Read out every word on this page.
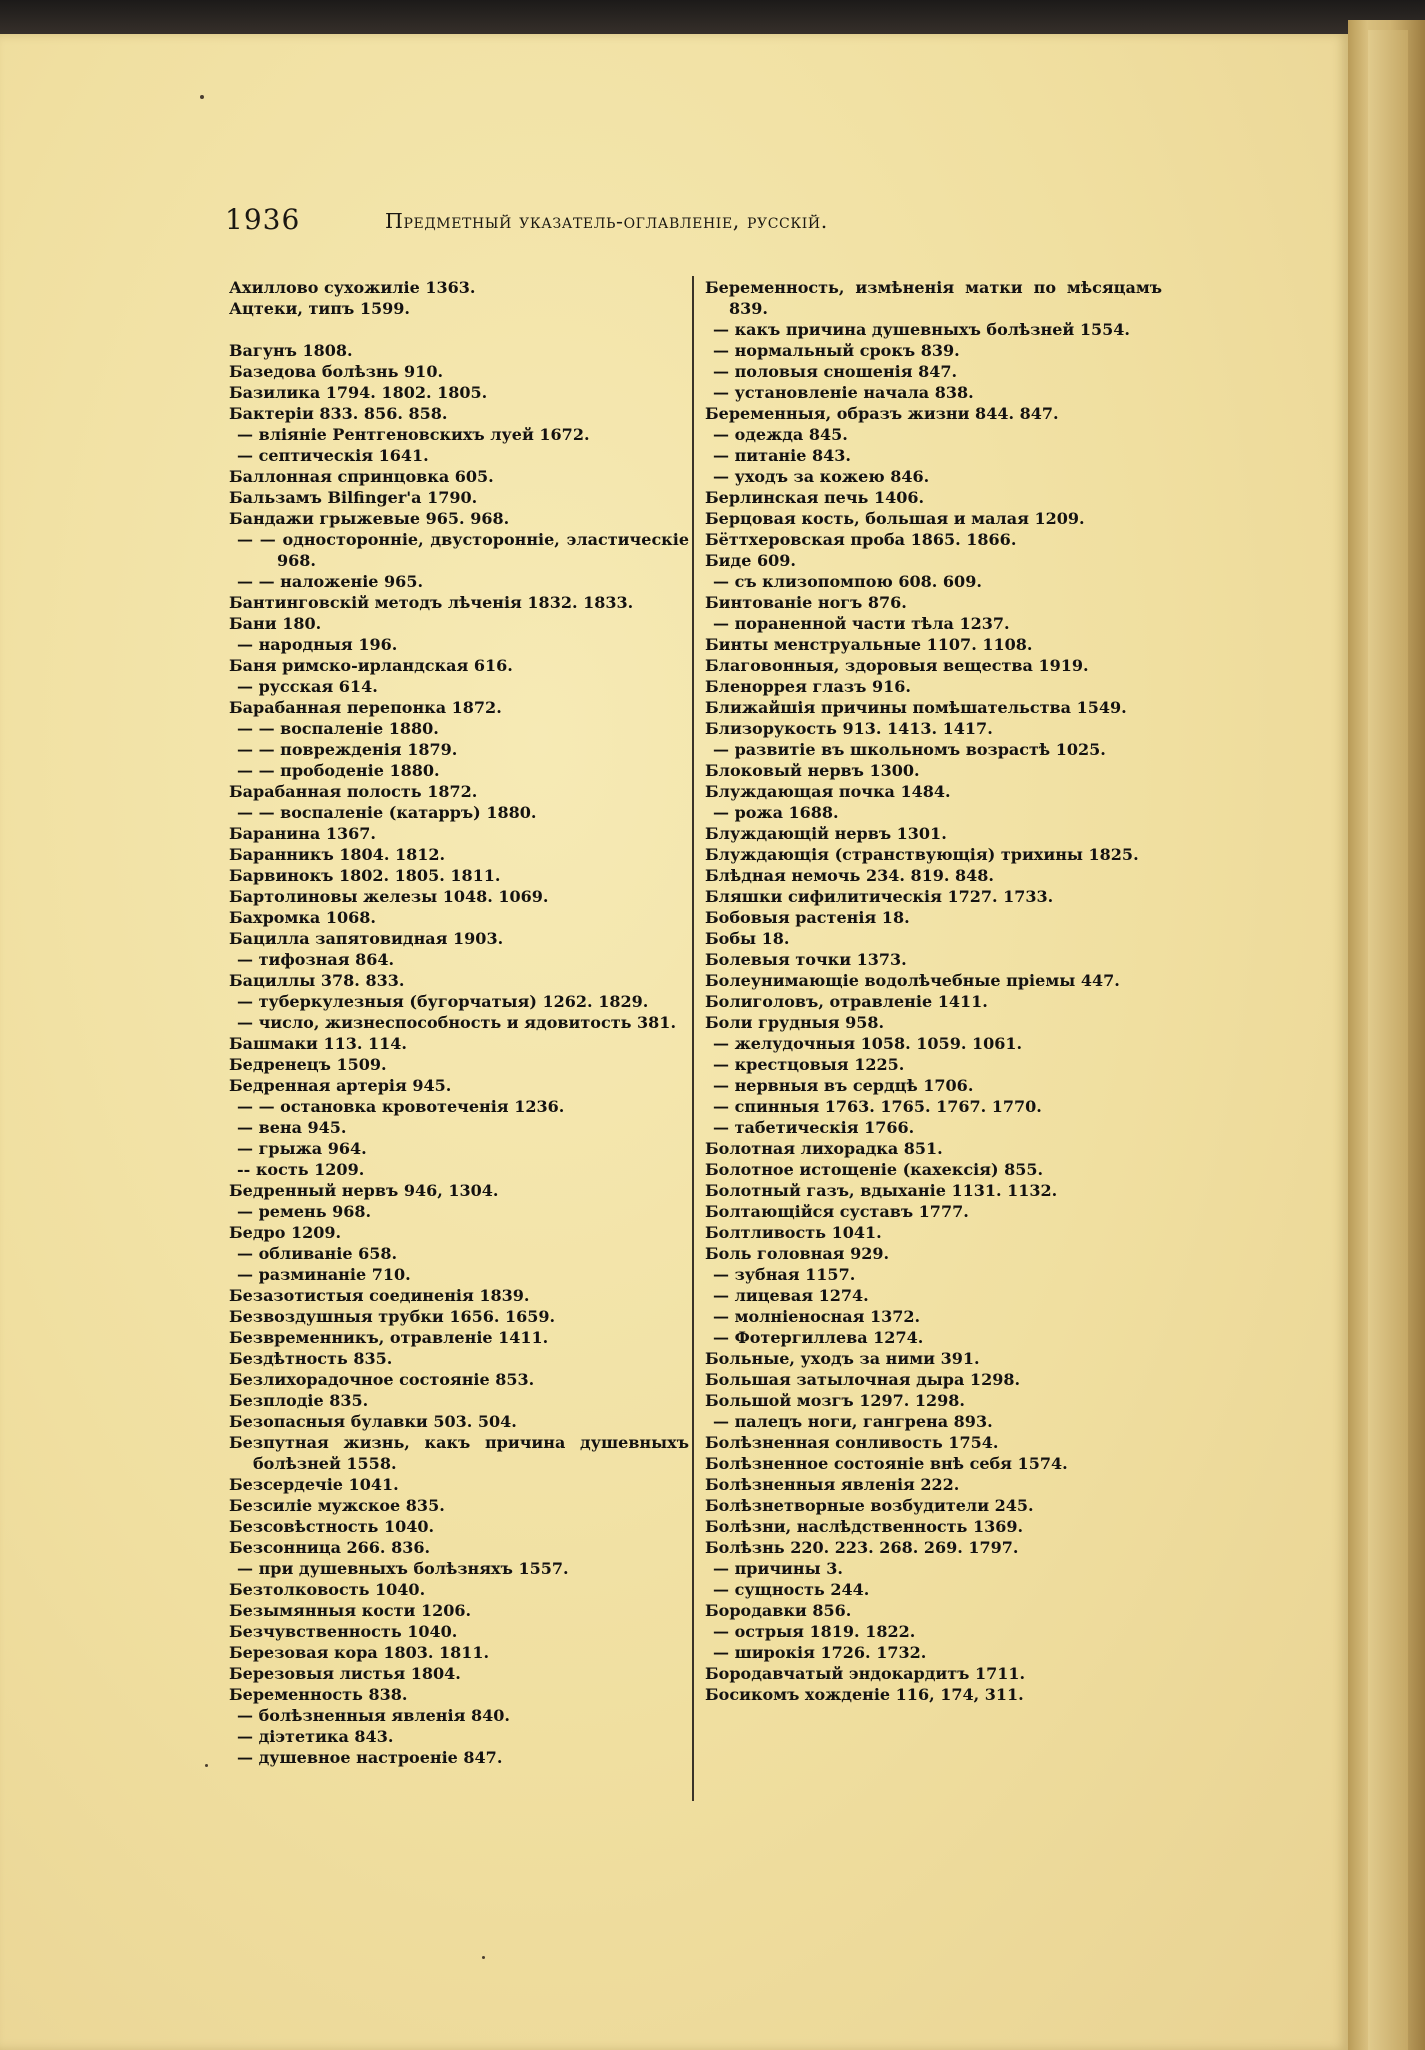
1936	Предметный указатель-оглавленіе, русскій.
Ахиллово сухожиліе 1363.
Ацтеки, типъ 1599.
Вагунъ 1808.
Базедова болѣзнь 910.
Базилика 1794. 1802. 1805.
Бактеріи 833. 856. 858.
— вліяніе Рентгеновскихъ луей 1672.
— септическія 1641.
Баллонная спринцовка 605.
Бальзамъ Bilfinger'а 1790.
Бандажи грыжевые 965. 968.
— — односторонніе, двусторонніе, эластическіе 968.
— — наложеніе 965.
Бантинговскій методъ лѣченія 1832. 1833.
Бани 180.
— народныя 196.
Баня римско-ирландская 616.
— русская 614.
Барабанная перепонка 1872.
— — воспаленіе 1880.
— — поврежденія 1879.
— — прободеніе 1880.
Барабанная полость 1872.
— — воспаленіе (катарръ) 1880.
Баранина 1367.
Баранникъ 1804. 1812.
Барвинокъ 1802. 1805. 1811.
Бартолиновы железы 1048. 1069.
Бахромка 1068.
Бацилла запятовидная 1903.
— тифозная 864.
Бациллы 378. 833.
— туберкулезныя (бугорчатыя) 1262. 1829.
— число, жизнеспособность и ядовитость 381.
Башмаки 113. 114.
Бедренецъ 1509.
Бедренная артерія 945.
— — остановка кровотеченія 1236.
— вена 945.
— грыжа 964.
-- кость 1209.
Бедренный нервъ 946, 1304.
— ремень 968.
Бедро 1209.
— обливаніе 658.
— разминаніе 710.
Безазотистыя соединенія 1839.
Безвоздушныя трубки 1656. 1659.
Безвременникъ, отравленіе 1411.
Бездѣтность 835.
Безлихорадочное состояніе 853.
Безплодіе 835.
Безопасныя булавки 503. 504.
Безпутная жизнь, какъ причина душевныхъ болѣзней 1558.
Безсердечіе 1041.
Безсиліе мужское 835.
Безсовѣстность 1040.
Безсонница 266. 836.
— при душевныхъ болѣзняхъ 1557.
Безтолковость 1040.
Безымянныя кости 1206.
Безчувственность 1040.
Березовая кора 1803. 1811.
Березовыя листья 1804.
Беременность 838.
— болѣзненныя явленія 840.
— діэтетика 843.
— душевное настроеніе 847.
Беременность, измѣненія матки по мѣсяцамъ 839.
— какъ причина душевныхъ болѣзней 1554.
— нормальный срокъ 839.
— половыя сношенія 847.
— установленіе начала 838.
Беременныя, образъ жизни 844. 847.
— одежда 845.
— питаніе 843.
— уходъ за кожею 846.
Берлинская печь 1406.
Берцовая кость, большая и малая 1209.
Бёттхеровская проба 1865. 1866.
Биде 609.
— съ клизопомпою 608. 609.
Бинтованіе ногъ 876.
— пораненной части тѣла 1237.
Бинты менструальные 1107. 1108.
Благовонныя, здоровыя вещества 1919.
Бленоррея глазъ 916.
Ближайшія причины помѣшательства 1549.
Близорукость 913. 1413. 1417.
— развитіе въ школьномъ возрастѣ 1025.
Блоковый нервъ 1300.
Блуждающая почка 1484.
— рожа 1688.
Блуждающій нервъ 1301.
Блуждающія (странствующія) трихины 1825.
Блѣдная немочь 234. 819. 848.
Бляшки сифилитическія 1727. 1733.
Бобовыя растенія 18.
Бобы 18.
Болевыя точки 1373.
Болеунимающіе водолѣчебные пріемы 447.
Болиголовъ, отравленіе 1411.
Боли грудныя 958.
— желудочныя 1058. 1059. 1061.
— крестцовыя 1225.
— нервныя въ сердцѣ 1706.
— спинныя 1763. 1765. 1767. 1770.
— табетическія 1766.
Болотная лихорадка 851.
Болотное истощеніе (кахексія) 855.
Болотный газъ, вдыханіе 1131. 1132.
Болтающійся суставъ 1777.
Болтливость 1041.
Боль головная 929.
— зубная 1157.
— лицевая 1274.
— молніеносная 1372.
— Фотергиллева 1274.
Больные, уходъ за ними 391.
Большая затылочная дыра 1298.
Большой мозгъ 1297. 1298.
— палецъ ноги, гангрена 893.
Болѣзненная сонливость 1754.
Болѣзненное состояніе внѣ себя 1574.
Болѣзненныя явленія 222.
Болѣзнетворные возбудители 245.
Болѣзни, наслѣдственность 1369.
Болѣзнь 220. 223. 268. 269. 1797.
— причины 3.
— сущность 244.
Бородавки 856.
— острыя 1819. 1822.
— широкія 1726. 1732.
Бородавчатый эндокардитъ 1711.
Босикомъ хожденіе 116, 174, 311.
